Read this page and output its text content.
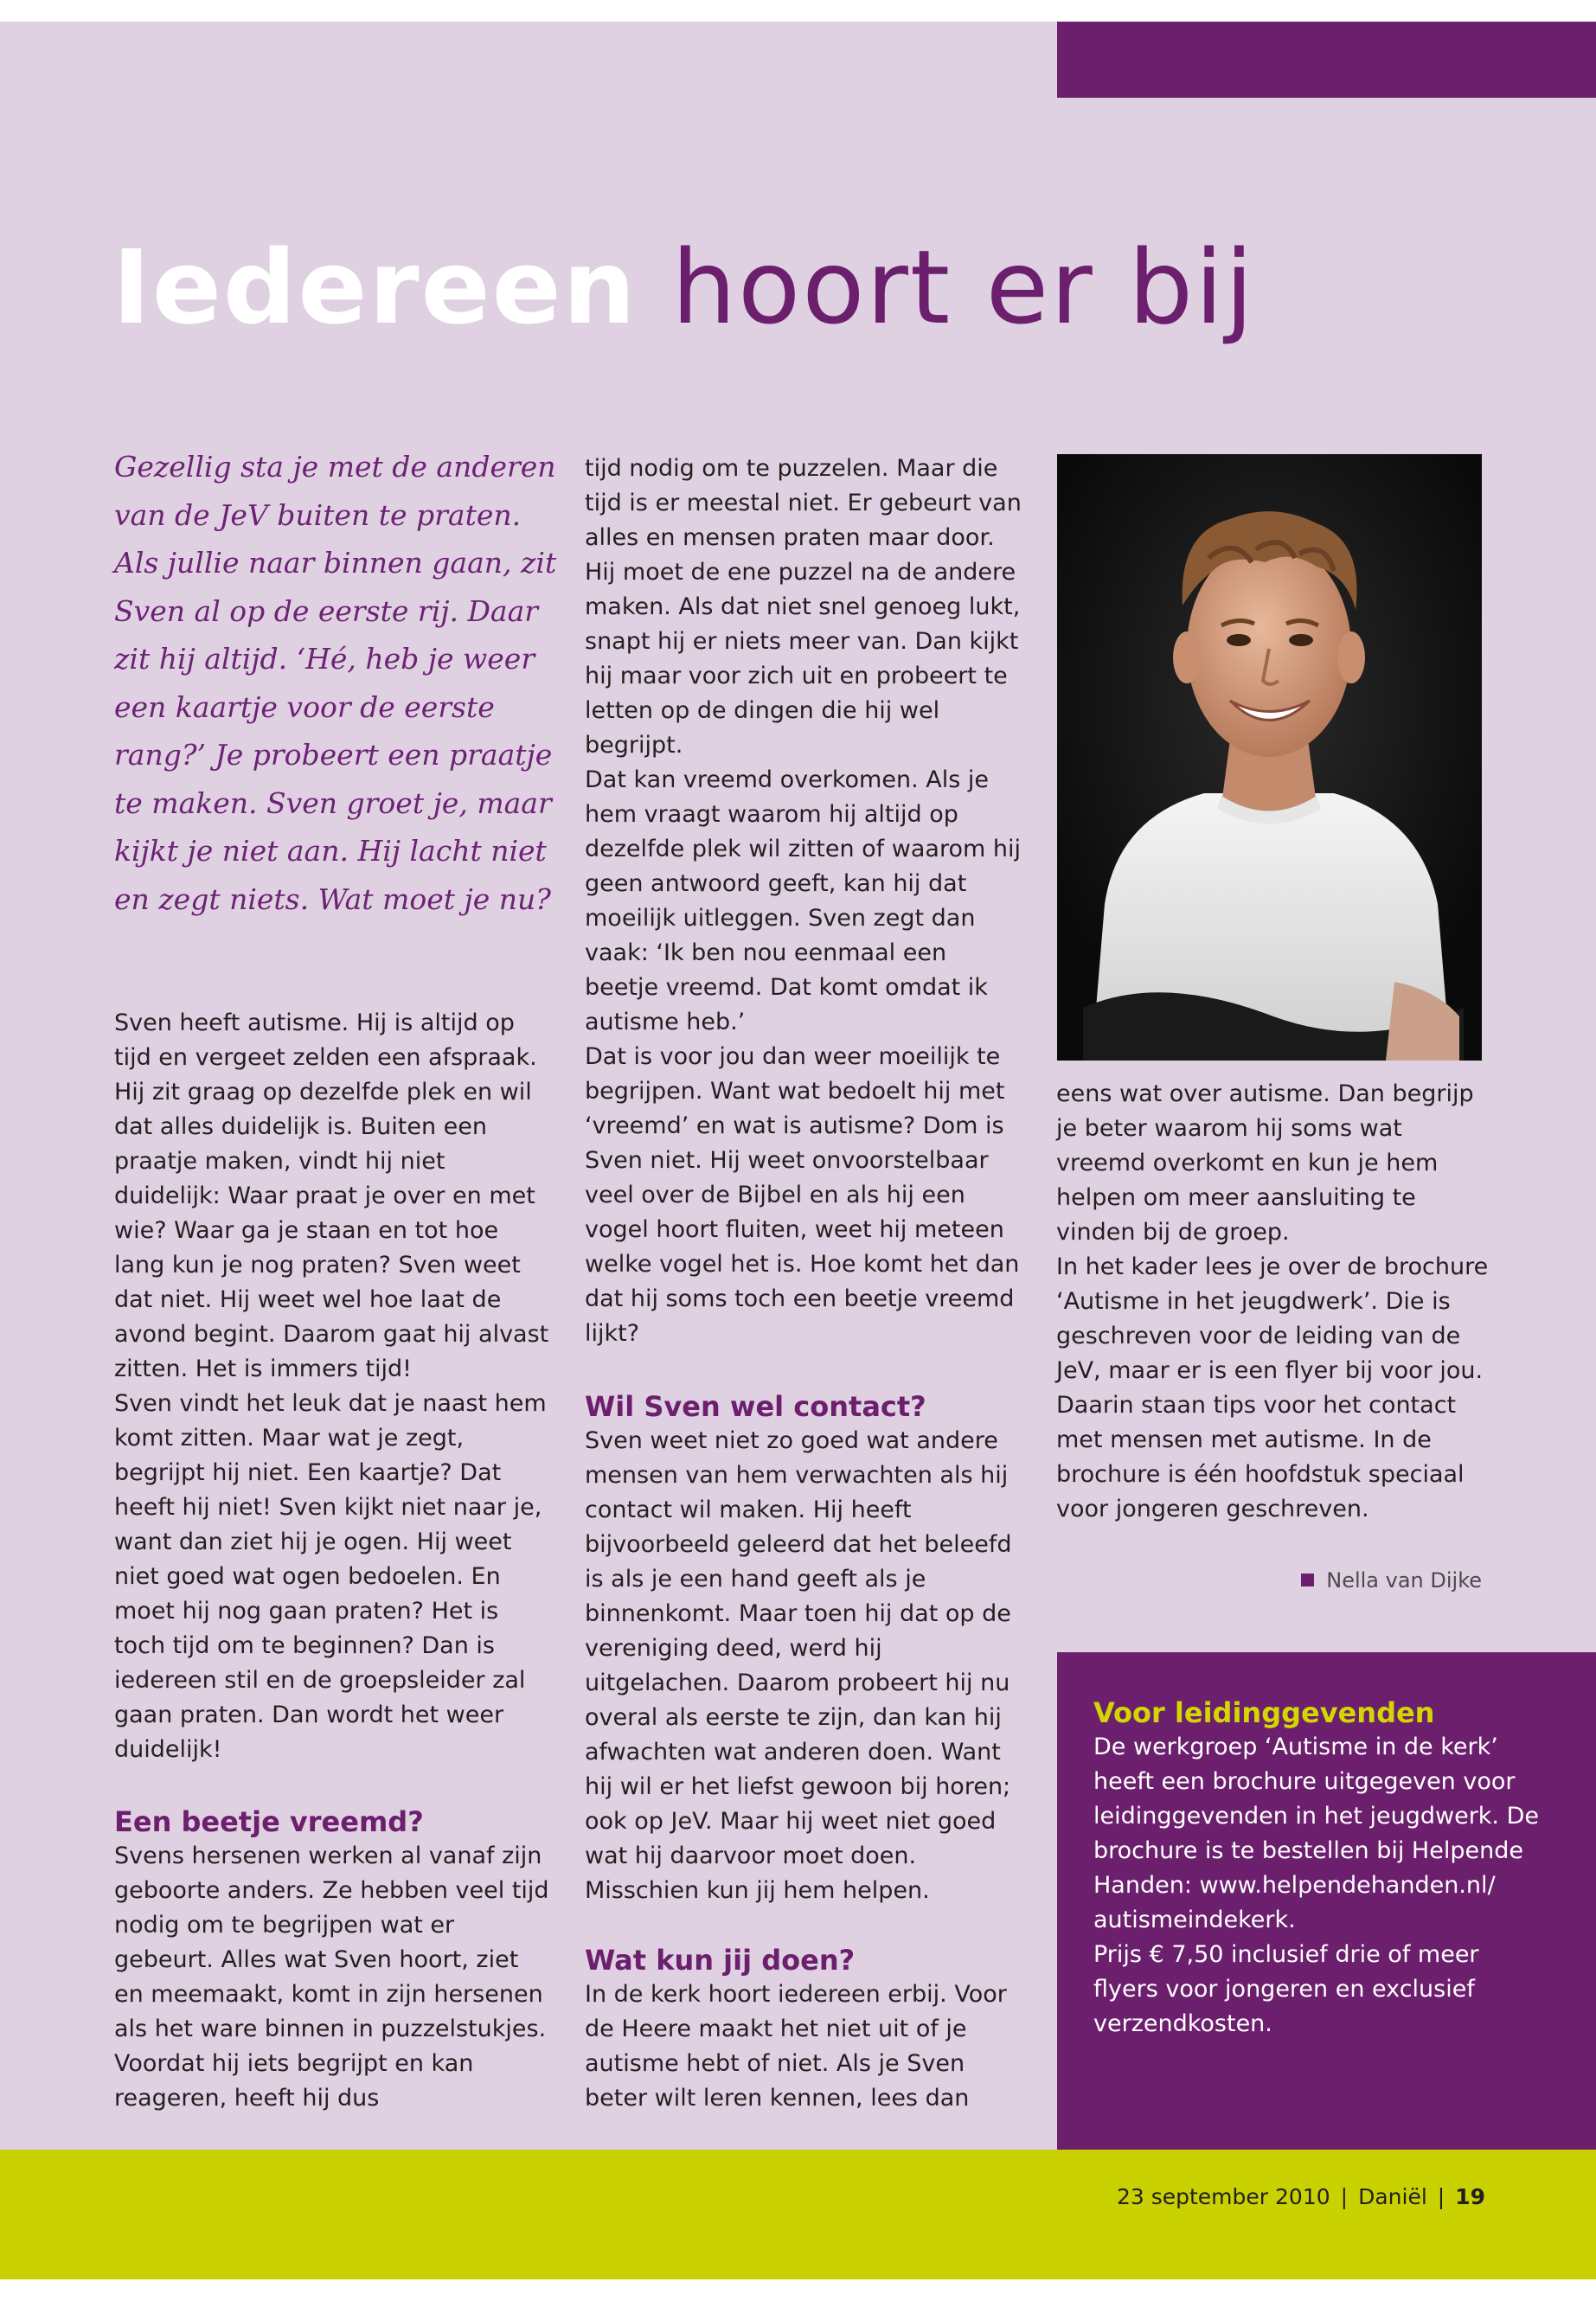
Iedereen hoort er bij

Gezellig sta je met de anderen van de JeV buiten te praten. Als jullie naar binnen gaan, zit Sven al op de eerste rij. Daar zit hij altijd. ‘Hé, heb je weer een kaartje voor de eerste rang?’ Je probeert een praatje te maken. Sven groet je, maar kijkt je niet aan. Hij lacht niet en zegt niets. Wat moet je nu?

Sven heeft autisme. Hij is altijd op tijd en vergeet zelden een afspraak. Hij zit graag op dezelfde plek en wil dat alles duidelijk is. Buiten een praatje maken, vindt hij niet duidelijk: Waar praat je over en met wie? Waar ga je staan en tot hoe lang kun je nog praten? Sven weet dat niet. Hij weet wel hoe laat de avond begint. Daarom gaat hij alvast zitten. Het is immers tijd!

Sven vindt het leuk dat je naast hem komt zitten. Maar wat je zegt, begrijpt hij niet. Een kaartje? Dat heeft hij niet! Sven kijkt niet naar je, want dan ziet hij je ogen. Hij weet niet goed wat ogen bedoelen. En moet hij nog gaan praten? Het is toch tijd om te beginnen? Dan is iedereen stil en de groepsleider zal gaan praten. Dan wordt het weer duidelijk!

Een beetje vreemd?

Svens hersenen werken al vanaf zijn geboorte anders. Ze hebben veel tijd nodig om te begrijpen wat er gebeurt. Alles wat Sven hoort, ziet en meemaakt, komt in zijn hersenen als het ware binnen in puzzelstukjes. Voordat hij iets begrijpt en kan reageren, heeft hij dus

tijd nodig om te puzzelen. Maar die tijd is er meestal niet. Er gebeurt van alles en mensen praten maar door. Hij moet de ene puzzel na de andere maken. Als dat niet snel genoeg lukt, snapt hij er niets meer van. Dan kijkt hij maar voor zich uit en probeert te letten op de dingen die hij wel begrijpt.

Dat kan vreemd overkomen. Als je hem vraagt waarom hij altijd op dezelfde plek wil zitten of waarom hij geen antwoord geeft, kan hij dat moeilijk uitleggen. Sven zegt dan vaak: ‘Ik ben nou eenmaal een beetje vreemd. Dat komt omdat ik autisme heb.’

Dat is voor jou dan weer moeilijk te begrijpen. Want wat bedoelt hij met ‘vreemd’ en wat is autisme? Dom is Sven niet. Hij weet onvoorstelbaar veel over de Bijbel en als hij een vogel hoort fluiten, weet hij meteen welke vogel het is. Hoe komt het dan dat hij soms toch een beetje vreemd lijkt?

Wil Sven wel contact?

Sven weet niet zo goed wat andere mensen van hem verwachten als hij contact wil maken. Hij heeft bijvoorbeeld geleerd dat het beleefd is als je een hand geeft als je binnenkomt. Maar toen hij dat op de vereniging deed, werd hij uitgelachen. Daarom probeert hij nu overal als eerste te zijn, dan kan hij afwachten wat anderen doen. Want hij wil er het liefst gewoon bij horen; ook op JeV. Maar hij weet niet goed wat hij daarvoor moet doen. Misschien kun jij hem helpen.

Wat kun jij doen?

In de kerk hoort iedereen erbij. Voor de Heere maakt het niet uit of je autisme hebt of niet. Als je Sven beter wilt leren kennen, lees dan

eens wat over autisme. Dan begrijp je beter waarom hij soms wat vreemd overkomt en kun je hem helpen om meer aansluiting te vinden bij de groep.

In het kader lees je over de brochure ‘Autisme in het jeugdwerk’. Die is geschreven voor de leiding van de JeV, maar er is een flyer bij voor jou. Daarin staan tips voor het contact met mensen met autisme. In de brochure is één hoofdstuk speciaal voor jongeren geschreven.

Nella van Dijke
Voor leidinggevenden

De werkgroep ‘Autisme in de kerk’ heeft een brochure uitgegeven voor leidinggevenden in het jeugdwerk. De brochure is te bestellen bij Helpende Handen: www.helpendehanden.nl/ autismeindekerk.

Prijs € 7,50 inclusief drie of meer flyers voor jongeren en exclusief verzendkosten.

23 september 2010 | Daniël | 19
